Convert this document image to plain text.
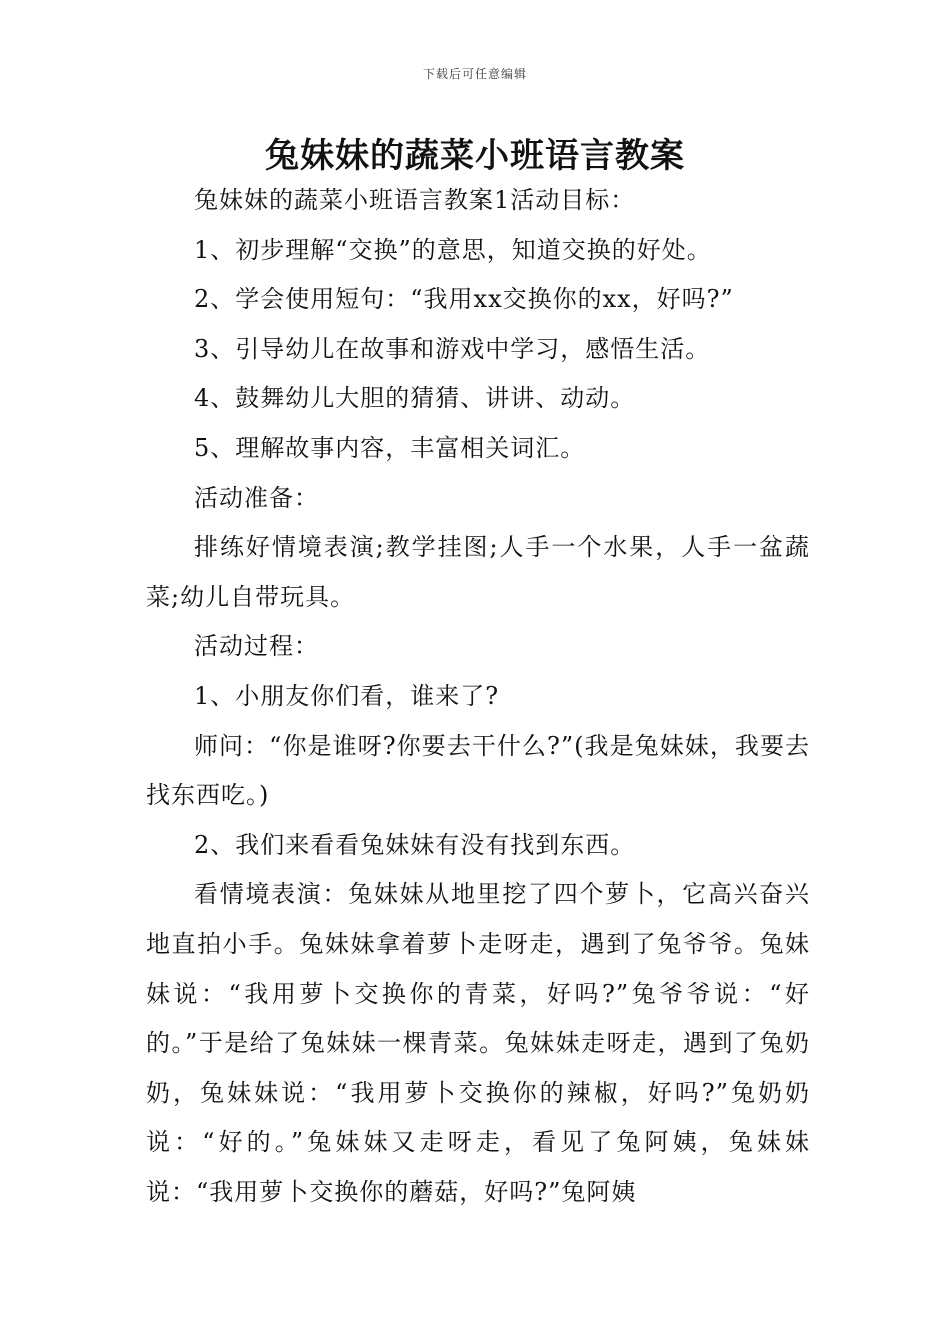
下载后可任意编辑
兔妹妹的蔬菜小班语言教案

兔妹妹的蔬菜小班语言教案1活动目标：

1、初步理解“交换”的意思，知道交换的好处。

2、学会使用短句：“我用xx交换你的xx，好吗?”

3、引导幼儿在故事和游戏中学习，感悟生活。

4、鼓舞幼儿大胆的猜猜、讲讲、动动。

5、理解故事内容，丰富相关词汇。

活动准备：

排练好情境表演;教学挂图;人手一个水果，人手一盆蔬菜;幼儿自带玩具。

活动过程：

1、小朋友你们看，谁来了?

师问：“你是谁呀?你要去干什么?”(我是兔妹妹，我要去找东西吃。)

2、我们来看看兔妹妹有没有找到东西。

看情境表演：兔妹妹从地里挖了四个萝卜，它高兴奋兴地直拍小手。兔妹妹拿着萝卜走呀走，遇到了兔爷爷。兔妹妹说：“我用萝卜交换你的青菜，好吗?”兔爷爷说：“好的。”于是给了兔妹妹一棵青菜。兔妹妹走呀走，遇到了兔奶奶，兔妹妹说：“我用萝卜交换你的辣椒，好吗?”兔奶奶说：“好的。”兔妹妹又走呀走，看见了兔阿姨，兔妹妹说：“我用萝卜交换你的蘑菇，好吗?”兔阿姨
